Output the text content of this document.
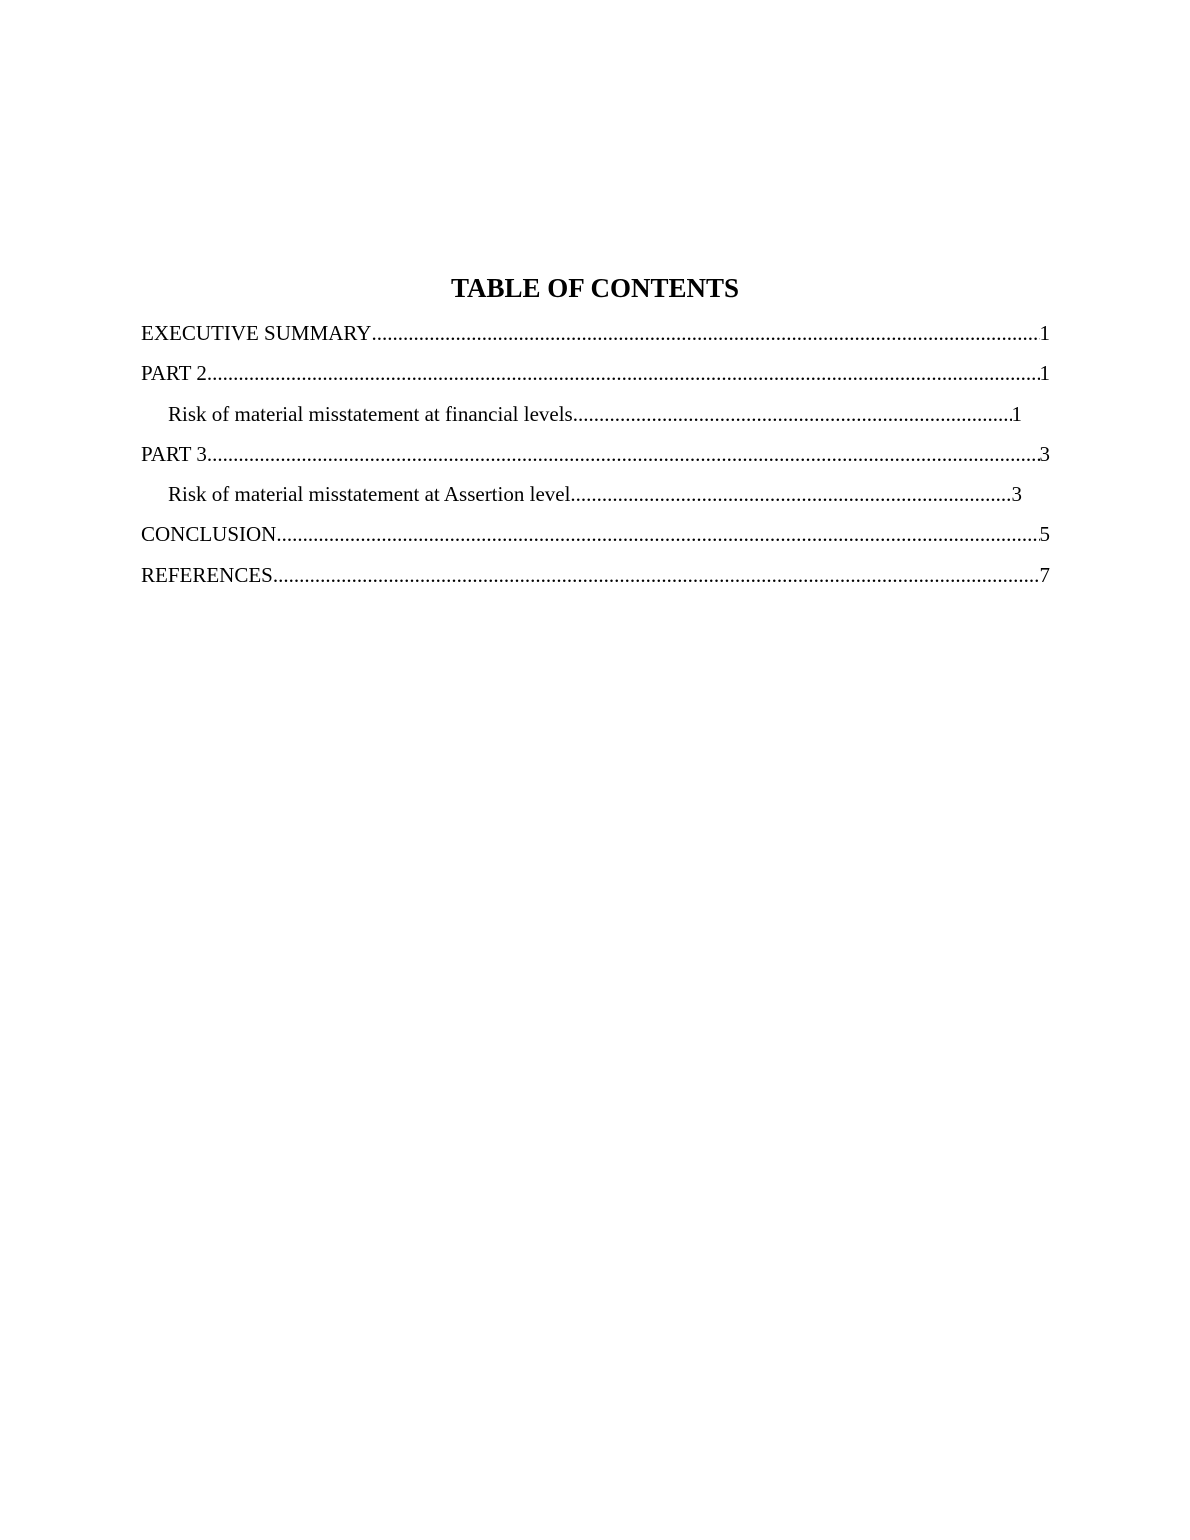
TABLE OF CONTENTS
EXECUTIVE SUMMARY .....	1
PART 2 .....	1
Risk of material misstatement at financial levels .....	1
PART 3 .....	3
Risk of material misstatement at Assertion level .....	3
CONCLUSION .....	5
REFERENCES .....	7
